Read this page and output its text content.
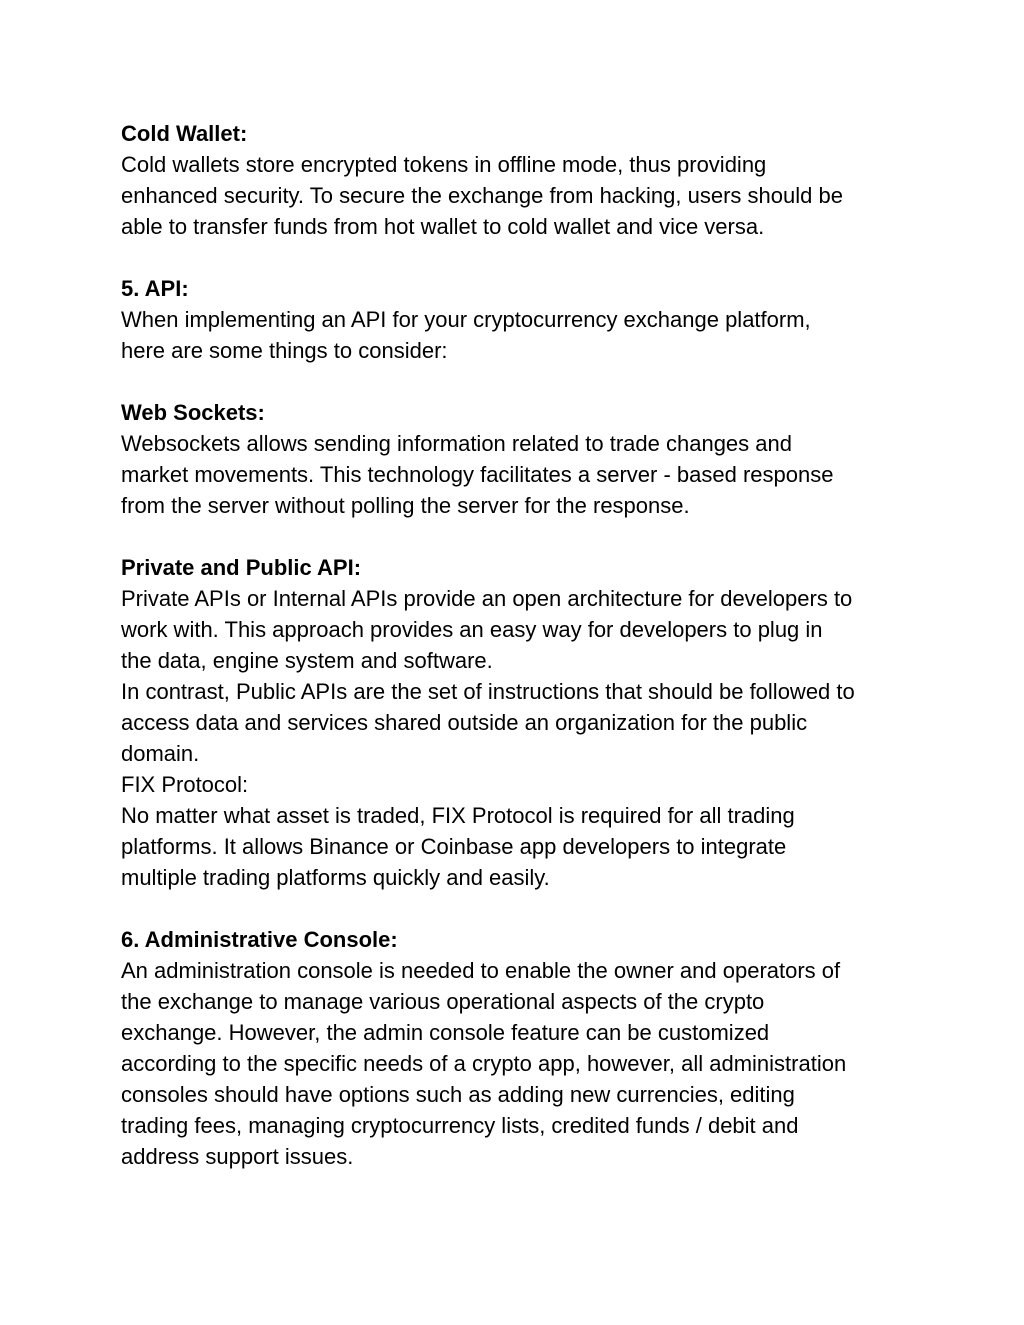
Cold Wallet:
Cold wallets store encrypted tokens in offline mode, thus providing
enhanced security. To secure the exchange from hacking, users should be
able to transfer funds from hot wallet to cold wallet and vice versa.
5. API:
When implementing an API for your cryptocurrency exchange platform,
here are some things to consider:
Web Sockets:
Websockets allows sending information related to trade changes and
market movements. This technology facilitates a server - based response
from the server without polling the server for the response.
Private and Public API:
Private APIs or Internal APIs provide an open architecture for developers to
work with. This approach provides an easy way for developers to plug in
the data, engine system and software.
In contrast, Public APIs are the set of instructions that should be followed to
access data and services shared outside an organization for the public
domain.
FIX Protocol:
No matter what asset is traded, FIX Protocol is required for all trading
platforms. It allows Binance or Coinbase app developers to integrate
multiple trading platforms quickly and easily.
6. Administrative Console:
An administration console is needed to enable the owner and operators of
the exchange to manage various operational aspects of the crypto
exchange. However, the admin console feature can be customized
according to the specific needs of a crypto app, however, all administration
consoles should have options such as adding new currencies, editing
trading fees, managing cryptocurrency lists, credited funds / debit and
address support issues.
